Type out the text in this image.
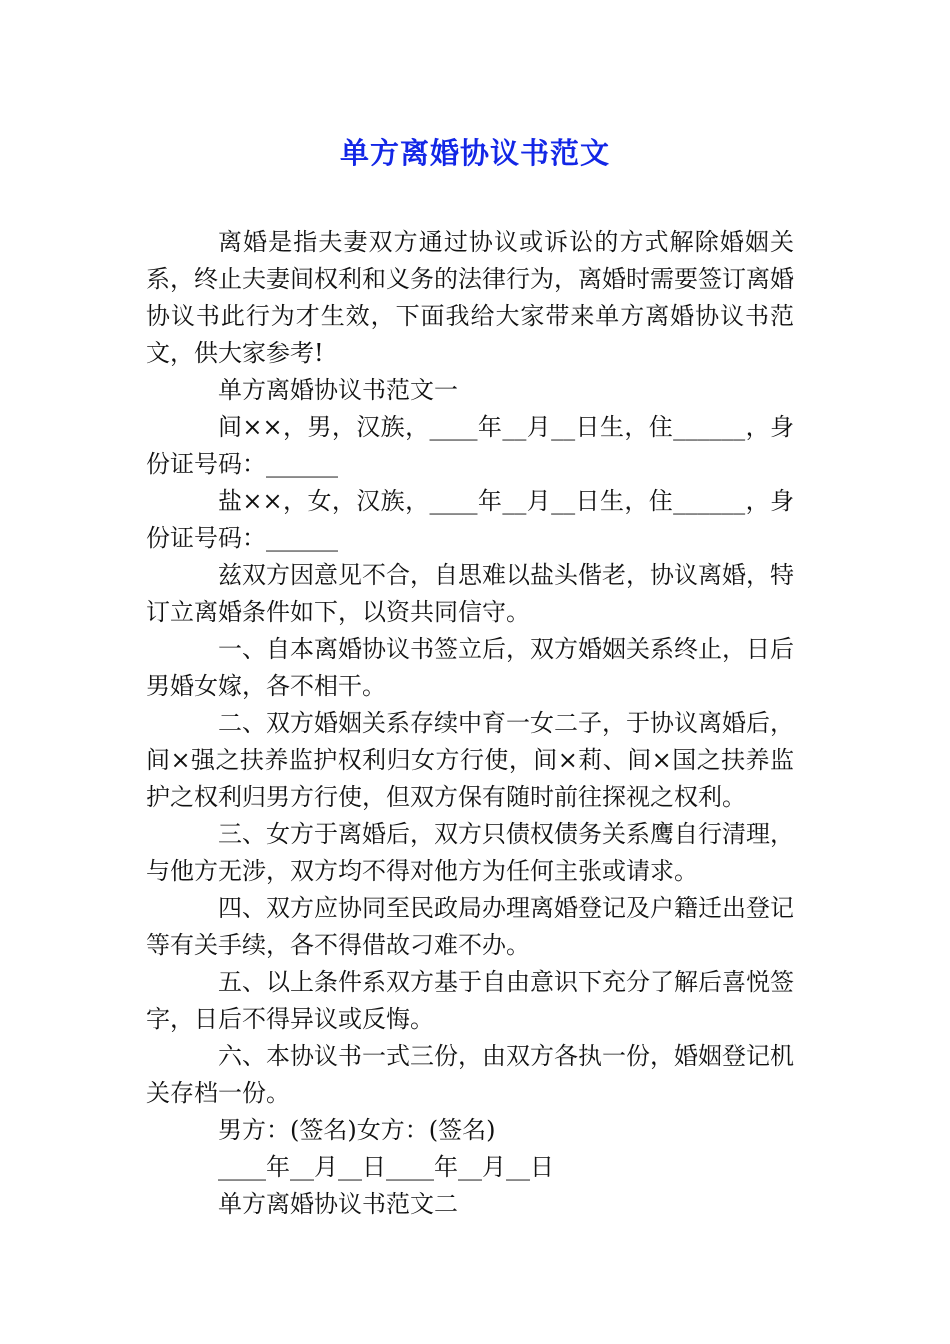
单方离婚协议书范文

离婚是指夫妻双方通过协议或诉讼的方式解除婚姻关系，终止夫妻间权利和义务的法律行为，离婚时需要签订离婚协议书此行为才生效，下面我给大家带来单方离婚协议书范文，供大家参考!

单方离婚协议书范文一

间××，男，汉族，____年__月__日生，住______，身份证号码：______

盐××，女，汉族，____年__月__日生，住______，身份证号码：______

兹双方因意见不合，自思难以盐头偕老，协议离婚，特订立离婚条件如下，以资共同信守。

一、自本离婚协议书签立后，双方婚姻关系终止，日后男婚女嫁，各不相干。

二、双方婚姻关系存续中育一女二子，于协议离婚后，间×强之扶养监护权利归女方行使，间×莉、间×国之扶养监护之权利归男方行使，但双方保有随时前往探视之权利。

三、女方于离婚后，双方只债权债务关系鹰自行清理，与他方无涉，双方均不得对他方为任何主张或请求。

四、双方应协同至民政局办理离婚登记及户籍迁出登记等有关手续，各不得借故刁难不办。

五、以上条件系双方基于自由意识下充分了解后喜悦签字，日后不得异议或反悔。

六、本协议书一式三份，由双方各执一份，婚姻登记机关存档一份。

男方：(签名)女方：(签名)

____年__月__日____年__月__日

单方离婚协议书范文二
